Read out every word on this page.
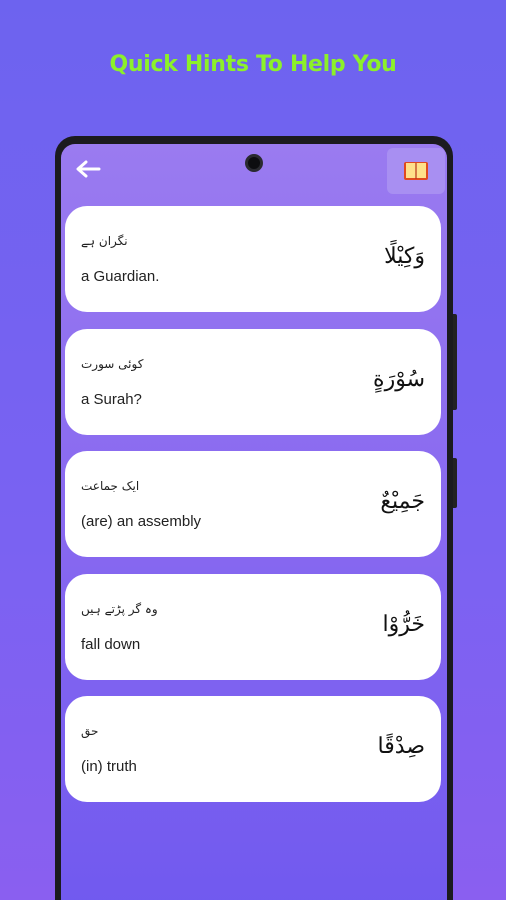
Quick Hints To Help You
نگران ہے
a Guardian.
وَكِيْلًا
کوئی سورت
a Surah?
سُوْرَةٍ
ایک جماعت
(are) an assembly
جَمِيْعٌ
وہ گر پڑتے ہیں
fall down
خَرُّوْا
حق
(in) truth
صِدْقًا
